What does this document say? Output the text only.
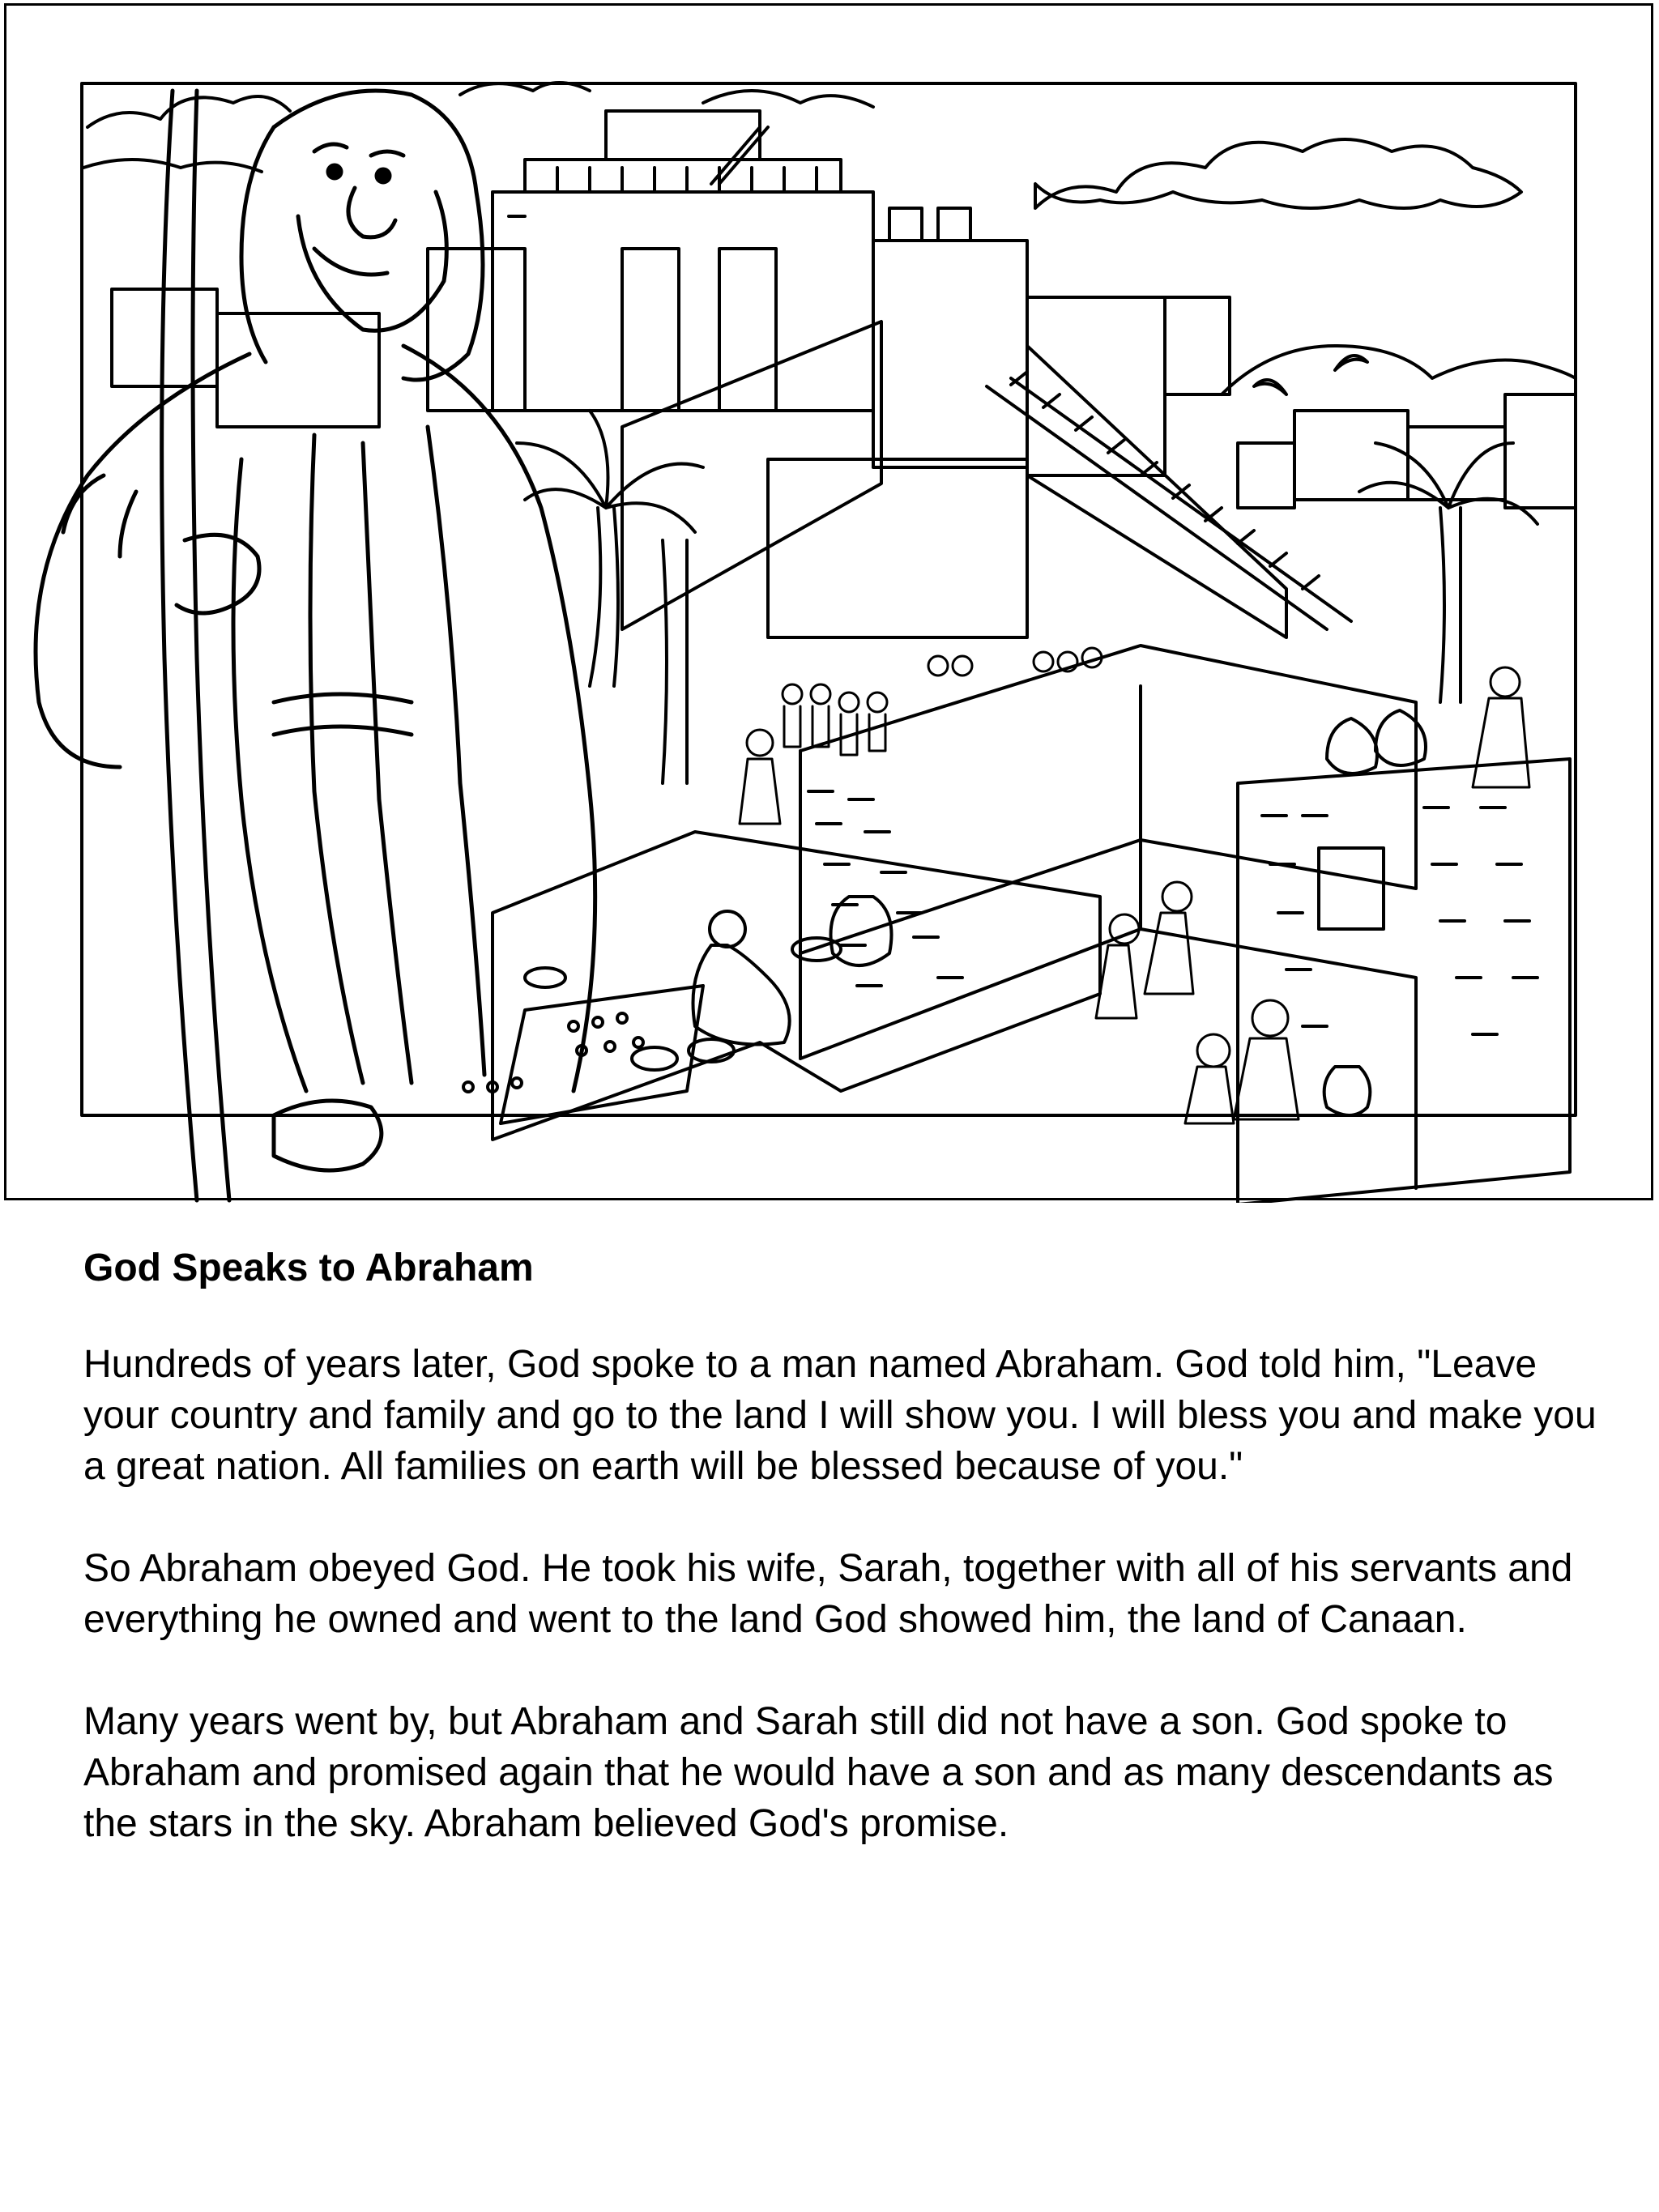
God Speaks to Abraham

Hundreds of years later, God spoke to a man named Abraham. God told him, "Leave your country and family and go to the land I will show you. I will bless you and make you a great nation. All families on earth will be blessed because of you."

So Abraham obeyed God. He took his wife, Sarah, together with all of his servants and everything he owned and went to the land God showed him, the land of Canaan.

Many years went by, but Abraham and Sarah still did not have a son. God spoke to Abraham and promised again that he would have a son and as many descendants as the stars in the sky. Abraham believed God's promise.
